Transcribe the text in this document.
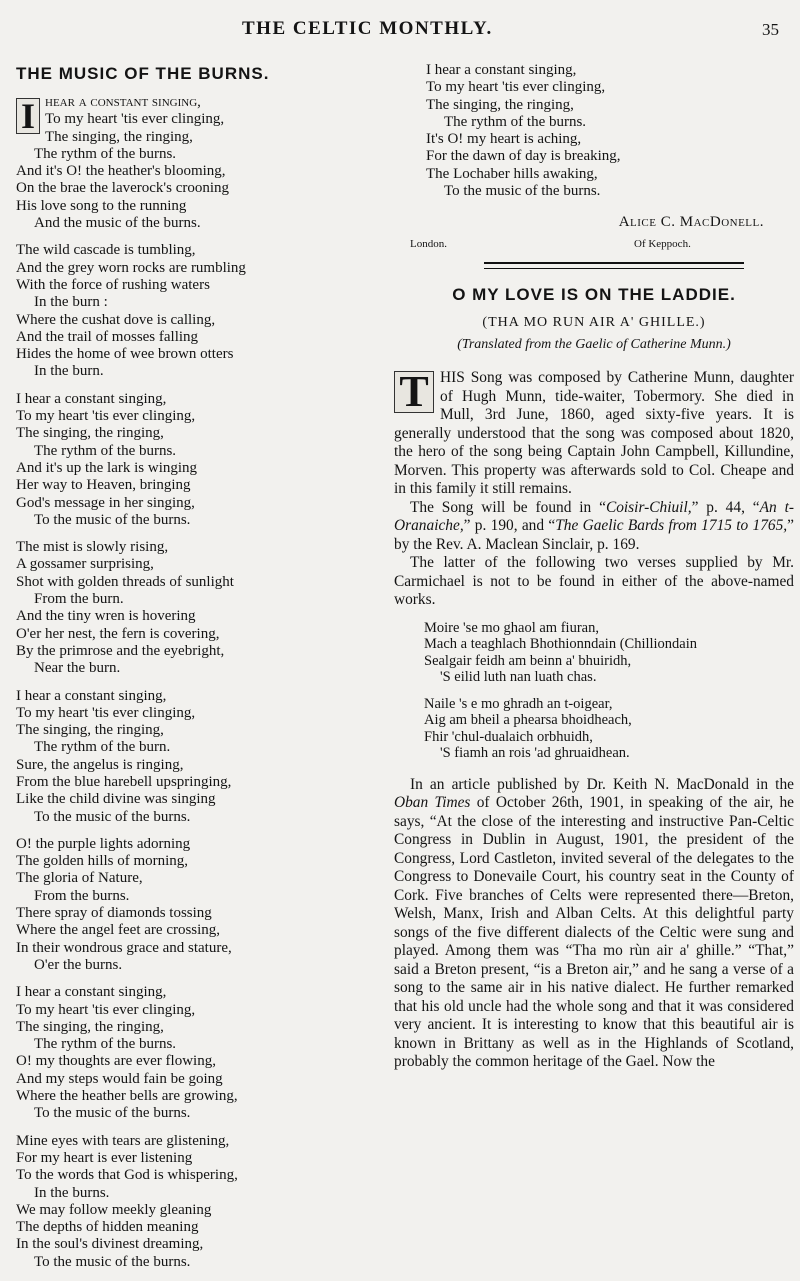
THE CELTIC MONTHLY.	35
THE MUSIC OF THE BURNS.
I hear a constant singing,
To my heart 'tis ever clinging,
The singing, the ringing,
The rythm of the burns.
And it's O! the heather's blooming,
On the brae the laverock's crooning
His love song to the running
And the music of the burns.
The wild cascade is tumbling,
And the grey worn rocks are rumbling
With the force of rushing waters
In the burn :
Where the cushat dove is calling,
And the trail of mosses falling
Hides the home of wee brown otters
In the burn.
I hear a constant singing,
To my heart 'tis ever clinging,
The singing, the ringing,
The rythm of the burns.
And it's up the lark is winging
Her way to Heaven, bringing
God's message in her singing,
To the music of the burns.
The mist is slowly rising,
A gossamer surprising,
Shot with golden threads of sunlight
From the burn.
And the tiny wren is hovering
O'er her nest, the fern is covering,
By the primrose and the eyebright,
Near the burn.
I hear a constant singing,
To my heart 'tis ever clinging,
The singing, the ringing,
The rythm of the burn.
Sure, the angelus is ringing,
From the blue harebell upspringing,
Like the child divine was singing
To the music of the burns.
O! the purple lights adorning
The golden hills of morning,
The gloria of Nature,
From the burns.
There spray of diamonds tossing
Where the angel feet are crossing,
In their wondrous grace and stature,
O'er the burns.
I hear a constant singing,
To my heart 'tis ever clinging,
The singing, the ringing,
The rythm of the burns.
O! my thoughts are ever flowing,
And my steps would fain be going
Where the heather bells are growing,
To the music of the burns.
Mine eyes with tears are glistening,
For my heart is ever listening
To the words that God is whispering,
In the burns.
We may follow meekly gleaning
The depths of hidden meaning
In the soul's divinest dreaming,
To the music of the burns.
I hear a constant singing,
To my heart 'tis ever clinging,
The singing, the ringing,
The rythm of the burns.
It's O! my heart is aching,
For the dawn of day is breaking,
The Lochaber hills awaking,
To the music of the burns.
Alice C. MacDonell.
London.	Of Keppoch.
O MY LOVE IS ON THE LADDIE.
(THA MO RUN AIR A' GHILLE.)
(Translated from the Gaelic of Catherine Munn.)

T HIS Song was composed by Catherine Munn, daughter of Hugh Munn, tide-waiter, Tobermory. She died in Mull, 3rd June, 1860, aged sixty-five years. It is generally understood that the song was composed about 1820, the hero of the song being Captain John Campbell, Killundine, Morven. This property was afterwards sold to Col. Cheape and in this family it still remains.

The Song will be found in “Coisir-Chiuil,” p. 44, “An t-Oranaiche,” p. 190, and “The Gaelic Bards from 1715 to 1765,” by the Rev. A. Maclean Sinclair, p. 169.

The latter of the following two verses supplied by Mr. Carmichael is not to be found in either of the above-named works.

Moire 'se mo ghaol am fiuran,
Mach a teaghlach Bhothionndain (Chilliondain
Sealgair feidh am beinn a' bhuiridh,
'S eilid luth nan luath chas.
Naile 's e mo ghradh an t-oigear,
Aig am bheil a phearsa bhoidheach,
Fhir 'chul-dualaich orbhuidh,
'S fiamh an rois 'ad ghruaidhean.

In an article published by Dr. Keith N. MacDonald in the Oban Times of October 26th, 1901, in speaking of the air, he says, “At the close of the interesting and instructive Pan-Celtic Congress in Dublin in August, 1901, the president of the Congress, Lord Castleton, invited several of the delegates to the Congress to Donevaile Court, his country seat in the County of Cork. Five branches of Celts were represented there—Breton, Welsh, Manx, Irish and Alban Celts. At this delightful party songs of the five different dialects of the Celtic were sung and played. Among them was “Tha mo rùn air a' ghille.” “That,” said a Breton present, “is a Breton air,” and he sang a verse of a song to the same air in his native dialect. He further remarked that his old uncle had the whole song and that it was considered very ancient. It is interesting to know that this beautiful air is known in Brittany as well as in the Highlands of Scotland, probably the common heritage of the Gael. Now the
